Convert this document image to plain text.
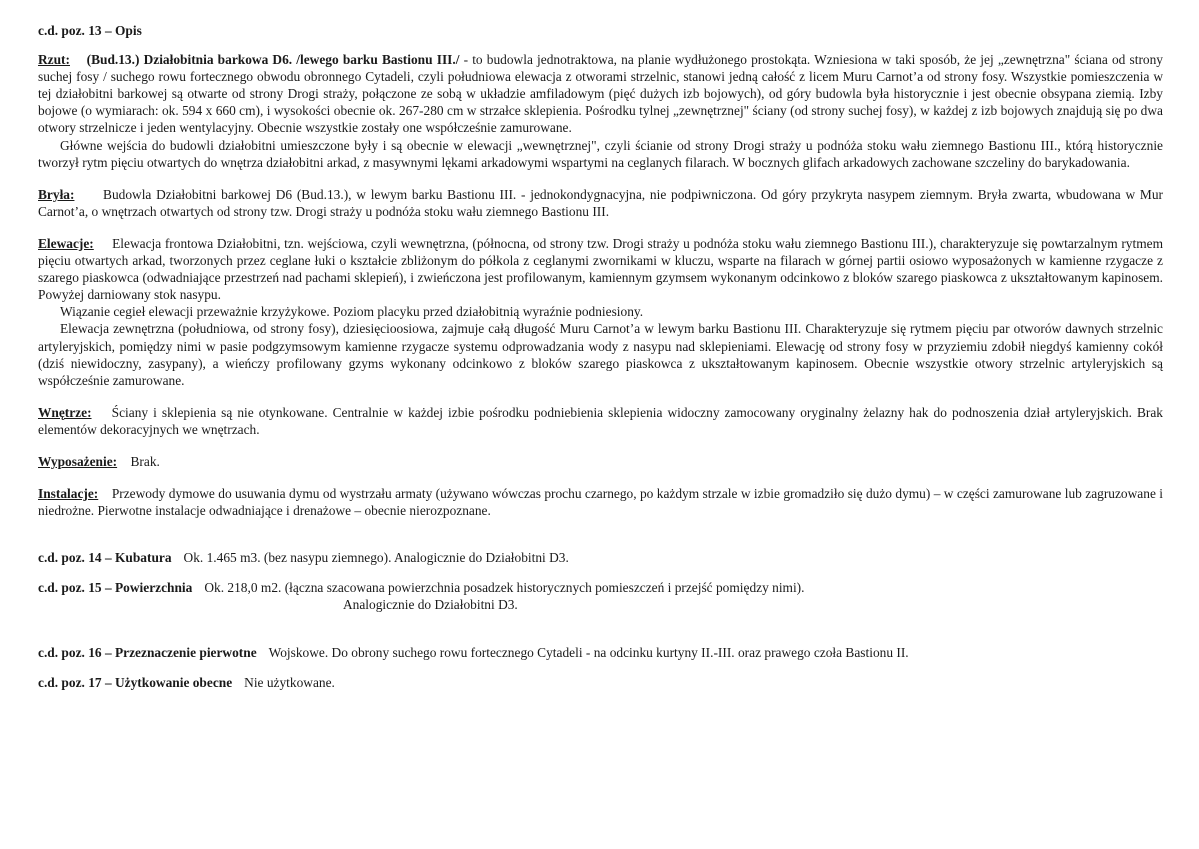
c.d. poz. 13 – Opis

Rzut: (Bud.13.) Działobitnia barkowa D6. /lewego barku Bastionu III./ - to budowla jednotraktowa, na planie wydłużonego prostokąta. Wzniesiona w taki sposób, że jej „zewnętrzna" ściana od strony suchej fosy / suchego rowu fortecznego obwodu obronnego Cytadeli, czyli południowa elewacja z otworami strzelnic, stanowi jedną całość z licem Muru Carnot’a od strony fosy. Wszystkie pomieszczenia w tej działobitni barkowej są otwarte od strony Drogi straży, połączone ze sobą w układzie amfiladowym (pięć dużych izb bojowych), od góry budowla była historycznie i jest obecnie obsypana ziemią. Izby bojowe (o wymiarach: ok. 594 x 660 cm), i wysokości obecnie ok. 267-280 cm w strzałce sklepienia. Pośrodku tylnej „zewnętrznej" ściany (od strony suchej fosy), w każdej z izb bojowych znajdują się po dwa otwory strzelnicze i jeden wentylacyjny. Obecnie wszystkie zostały one współcześnie zamurowane.

Główne wejścia do budowli działobitni umieszczone były i są obecnie w elewacji „wewnętrznej", czyli ścianie od strony Drogi straży u podnóża stoku wału ziemnego Bastionu III., którą historycznie tworzył rytm pięciu otwartych do wnętrza działobitni arkad, z masywnymi lękami arkadowymi wspartymi na ceglanych filarach. W bocznych glifach arkadowych zachowane szczeliny do barykadowania.

Bryła: Budowla Działobitni barkowej D6 (Bud.13.), w lewym barku Bastionu III. - jednokondygnacyjna, nie podpiwniczona. Od góry przykryta nasypem ziemnym. Bryła zwarta, wbudowana w Mur Carnot’a, o wnętrzach otwartych od strony tzw. Drogi straży u podnóża stoku wału ziemnego Bastionu III.

Elewacje: Elewacja frontowa Działobitni, tzn. wejściowa, czyli wewnętrzna, (północna, od strony tzw. Drogi straży u podnóża stoku wału ziemnego Bastionu III.), charakteryzuje się powtarzalnym rytmem pięciu otwartych arkad, tworzonych przez ceglane łuki o kształcie zbliżonym do półkola z ceglanymi zwornikami w kluczu, wsparte na filarach w górnej partii osiowo wyposażonych w kamienne rzygacze z szarego piaskowca (odwadniające przestrzeń nad pachami sklepień), i zwieńczona jest profilowanym, kamiennym gzymsem wykonanym odcinkowo z bloków szarego piaskowca z ukształtowanym kapinosem. Powyżej darniowany stok nasypu.

Wiązanie cegieł elewacji przeważnie krzyżykowe. Poziom placyku przed działobitnią wyraźnie podniesiony.

Elewacja zewnętrzna (południowa, od strony fosy), dziesięcioosiowa, zajmuje całą długość Muru Carnot’a w lewym barku Bastionu III. Charakteryzuje się rytmem pięciu par otworów dawnych strzelnic artyleryjskich, pomiędzy nimi w pasie podgzymsowym kamienne rzygacze systemu odprowadzania wody z nasypu nad sklepieniami. Elewację od strony fosy w przyziemiu zdobił niegdyś kamienny cokół (dziś niewidoczny, zasypany), a wieńczy profilowany gzyms wykonany odcinkowo z bloków szarego piaskowca z ukształtowanym kapinosem. Obecnie wszystkie otwory strzelnic artyleryjskich są współcześnie zamurowane.

Wnętrze: Ściany i sklepienia są nie otynkowane. Centralnie w każdej izbie pośrodku podniebienia sklepienia widoczny zamocowany oryginalny żelazny hak do podnoszenia dział artyleryjskich. Brak elementów dekoracyjnych we wnętrzach.

Wyposażenie: Brak.

Instalacje: Przewody dymowe do usuwania dymu od wystrzału armaty (używano wówczas prochu czarnego, po każdym strzale w izbie gromadziło się dużo dymu) – w części zamurowane lub zagruzowane i niedrożne. Pierwotne instalacje odwadniające i drenażowe – obecnie nierozpoznane.

c.d. poz. 14 – Kubatura Ok. 1.465 m3. (bez nasypu ziemnego). Analogicznie do Działobitni D3.

c.d. poz. 15 – Powierzchnia Ok. 218,0 m2. (łączna szacowana powierzchnia posadzek historycznych pomieszczeń i przejść pomiędzy nimi).

Analogicznie do Działobitni D3.

c.d. poz. 16 – Przeznaczenie pierwotne Wojskowe. Do obrony suchego rowu fortecznego Cytadeli - na odcinku kurtyny II.-III. oraz prawego czoła Bastionu II.

c.d. poz. 17 – Użytkowanie obecne Nie użytkowane.
